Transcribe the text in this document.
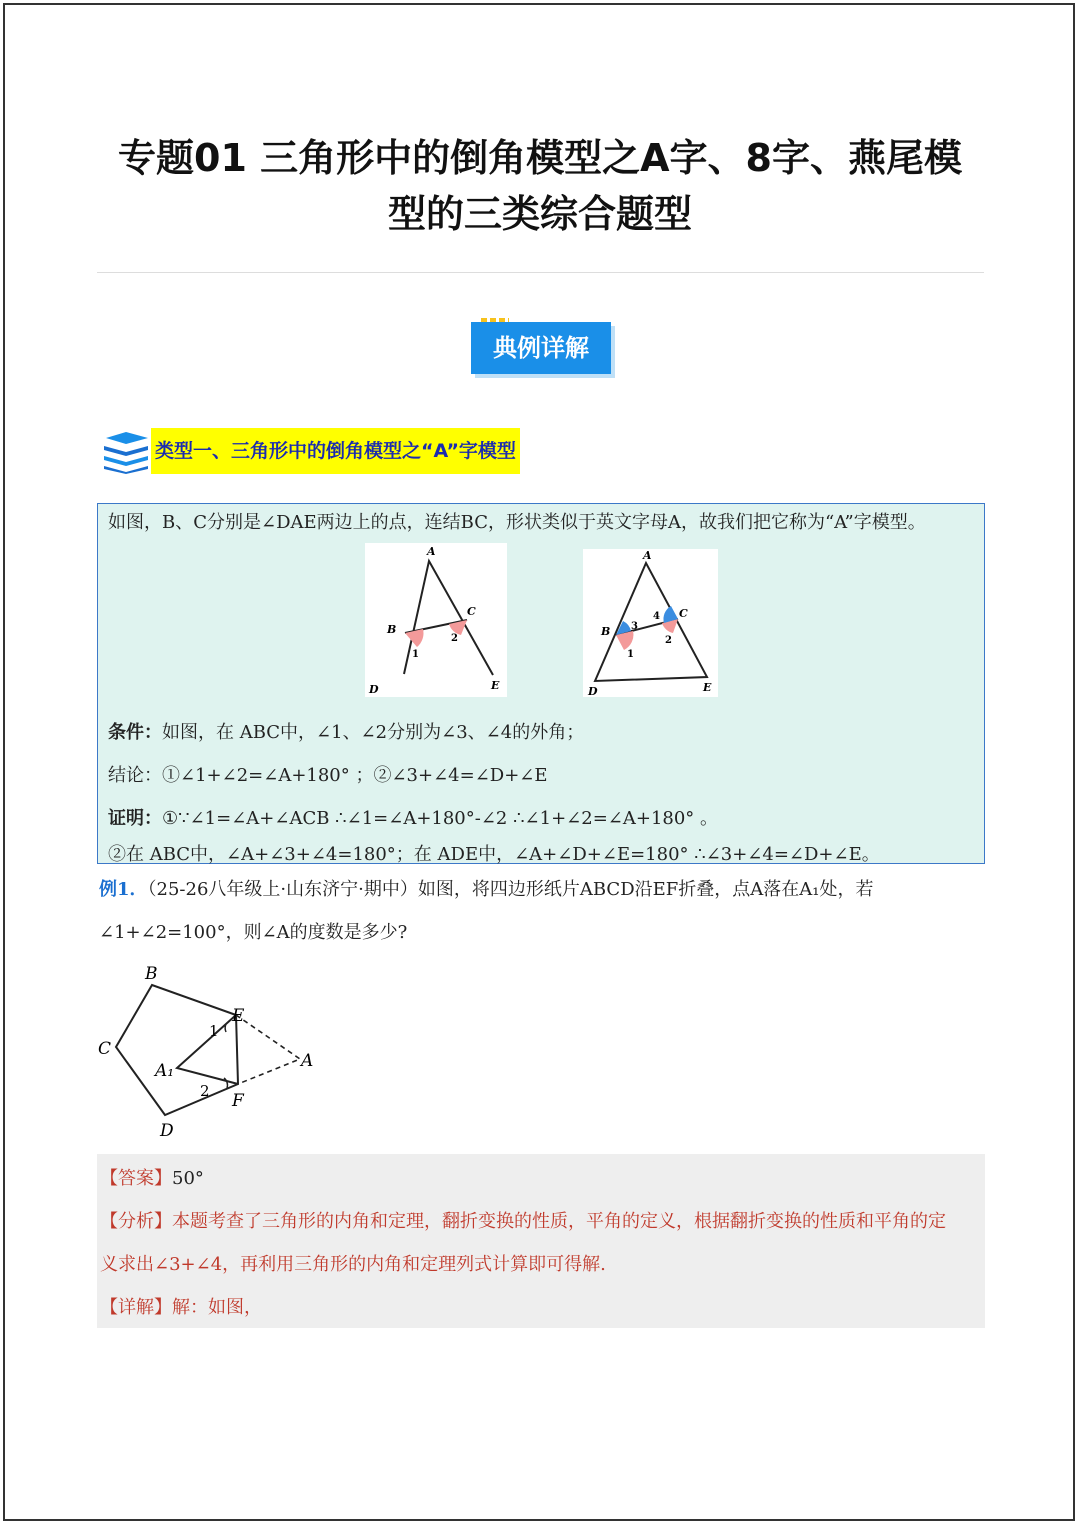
专题01 三角形中的倒角模型之A字、8字、燕尾模
型的三类综合题型
典例详解
类型一、三角形中的倒角模型之“A”字模型
如图，B、C分别是∠DAE两边上的点，连结BC，形状类似于英文字母A，故我们把它称为“A”字模型。
A
B
C
D	E
1
2
A
B
C
D	E
1
2
3
4
条件：如图，在 ABC中，∠1、∠2分别为∠3、∠4的外角；
结论：①∠1+∠2=∠A+180° ；②∠3+∠4=∠D+∠E
证明：①∵∠1=∠A+∠ACB ∴∠1=∠A+180°-∠2 ∴∠1+∠2=∠A+180° 。
②在 ABC中，∠A+∠3+∠4=180°；在 ADE中，∠A+∠D+∠E=180° ∴∠3+∠4=∠D+∠E。
例1．（25-26八年级上·山东济宁·期中）如图，将四边形纸片ABCD沿EF折叠，点A落在A₁处，若
∠1+∠2=100°，则∠A的度数是多少?
B
C
D
E
F
A
A₁
1
2
【答案】50°
【分析】本题考查了三角形的内角和定理，翻折变换的性质，平角的定义，根据翻折变换的性质和平角的定
义求出∠3+∠4，再利用三角形的内角和定理列式计算即可得解.
【详解】解：如图，
